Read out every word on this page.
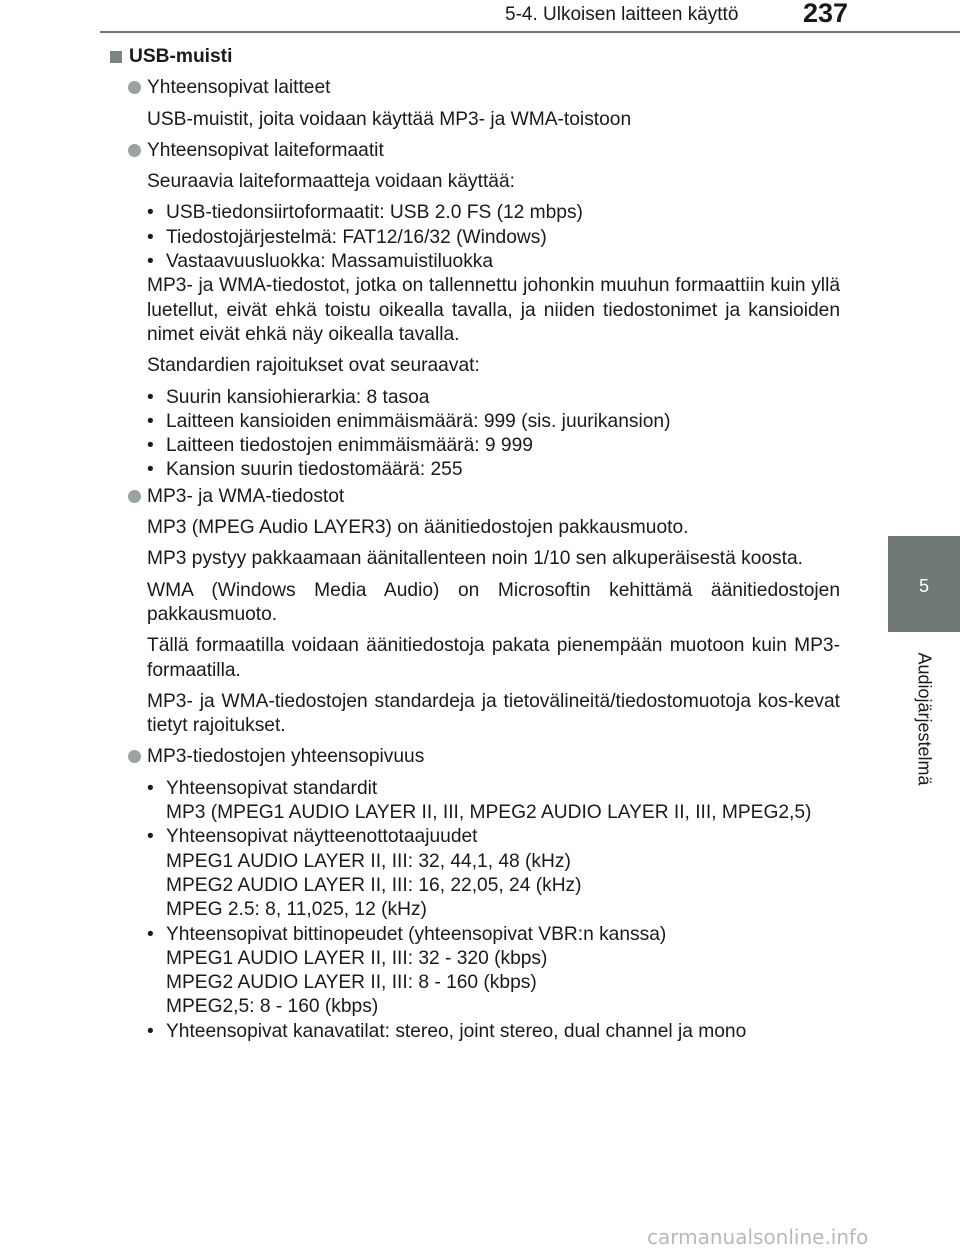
5-4. Ulkoisen laitteen käyttö 237
5
Audiojärjestelmä
USB-muisti
Yhteensopivat laitteet
USB-muistit, joita voidaan käyttää MP3- ja WMA-toistoon
Yhteensopivat laiteformaatit
Seuraavia laiteformaatteja voidaan käyttää:
• USB-tiedonsiirtoformaatit: USB 2.0 FS (12 mbps)
• Tiedostojärjestelmä: FAT12/16/32 (Windows)
• Vastaavuusluokka: Massamuistiluokka
MP3- ja WMA-tiedostot, jotka on tallennettu johonkin muuhun formaattiin kuin yllä luetellut, eivät ehkä toistu oikealla tavalla, ja niiden tiedostonimet ja kansioiden nimet eivät ehkä näy oikealla tavalla.
Standardien rajoitukset ovat seuraavat:
• Suurin kansiohierarkia: 8 tasoa
• Laitteen kansioiden enimmäismäärä: 999 (sis. juurikansion)
• Laitteen tiedostojen enimmäismäärä: 9 999
• Kansion suurin tiedostomäärä: 255
MP3- ja WMA-tiedostot
MP3 (MPEG Audio LAYER3) on äänitiedostojen pakkausmuoto.
MP3 pystyy pakkaamaan äänitallenteen noin 1/10 sen alkuperäisestä koosta.
WMA (Windows Media Audio) on Microsoftin kehittämä äänitiedostojen pakkausmuoto.
Tällä formaatilla voidaan äänitiedostoja pakata pienempään muotoon kuin MP3-formaatilla.
MP3- ja WMA-tiedostojen standardeja ja tietovälineitä/tiedostomuotoja kos-kevat tietyt rajoitukset.
MP3-tiedostojen yhteensopivuus
• Yhteensopivat standardit
MP3 (MPEG1 AUDIO LAYER II, III, MPEG2 AUDIO LAYER II, III, MPEG2,5)
• Yhteensopivat näytteenottotaajuudet
MPEG1 AUDIO LAYER II, III: 32, 44,1, 48 (kHz)
MPEG2 AUDIO LAYER II, III: 16, 22,05, 24 (kHz)
MPEG 2.5: 8, 11,025, 12 (kHz)
• Yhteensopivat bittinopeudet (yhteensopivat VBR:n kanssa)
MPEG1 AUDIO LAYER II, III: 32 - 320 (kbps)
MPEG2 AUDIO LAYER II, III: 8 - 160 (kbps)
MPEG2,5: 8 - 160 (kbps)
• Yhteensopivat kanavatilat: stereo, joint stereo, dual channel ja mono
carmanualsonline.info
